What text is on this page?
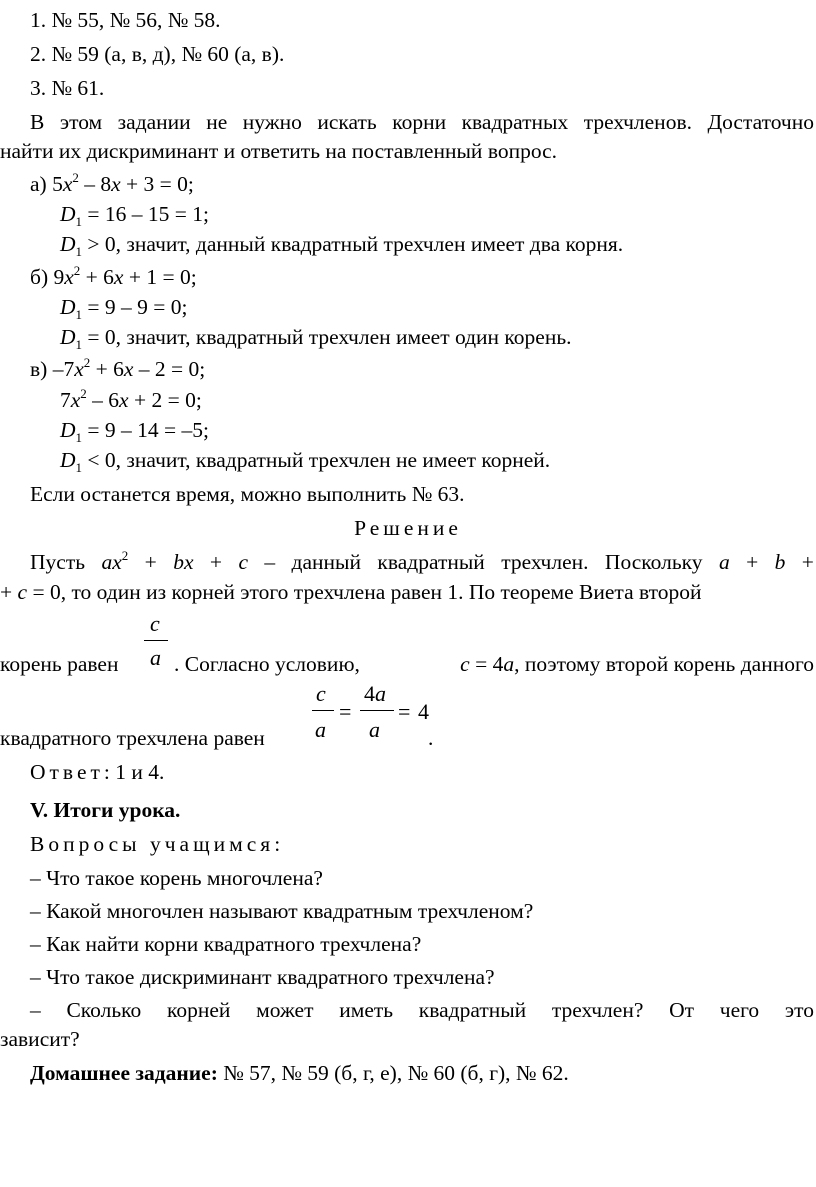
1. № 55, № 56, № 58.
2. № 59 (а, в, д), № 60 (а, в).
3. № 61.
В этом задании не нужно искать корни квадратных трехчленов. Достаточно
найти их дискриминант и ответить на поставленный вопрос.
а) $5x^2 - 8x + 3 = 0$;
$D_1 = 16 - 15 = 1$;
$D_1 > 0$, значит, данный квадратный трехчлен имеет два корня.
б) $9x^2 + 6x + 1 = 0$;
$D_1 = 9 - 9 = 0$;
$D_1 = 0$, значит, квадратный трехчлен имеет один корень.
в) $-7x^2 + 6x - 2 = 0$;
$7x^2 - 6x + 2 = 0$;
$D_1 = 9 - 14 = -5$;
$D_1 < 0$, значит, квадратный трехчлен не имеет корней.
Если останется время, можно выполнить № 63.
Решение
Пусть $ax^2$ + bx + c – данный квадратный трехчлен. Поскольку a + b +
+ c = 0, то один из корней этого трехчлена равен 1. По теореме Виета второй
c
a
корень равен	. Согласно условию,	c = 4a, поэтому второй корень данного
c
a
=
4a
a
= 4
квадратного трехчлена равен	.
Ответ: 1 и 4.
V. Итоги урока.
Вопросы учащимся:
– Что такое корень многочлена?
– Какой многочлен называют квадратным трехчленом?
– Как найти корни квадратного трехчлена?
– Что такое дискриминант квадратного трехчлена?
– Сколько корней может иметь квадратный трехчлен? От чего это
зависит?
Домашнее задание: № 57, № 59 (б, г, е), № 60 (б, г), № 62.
